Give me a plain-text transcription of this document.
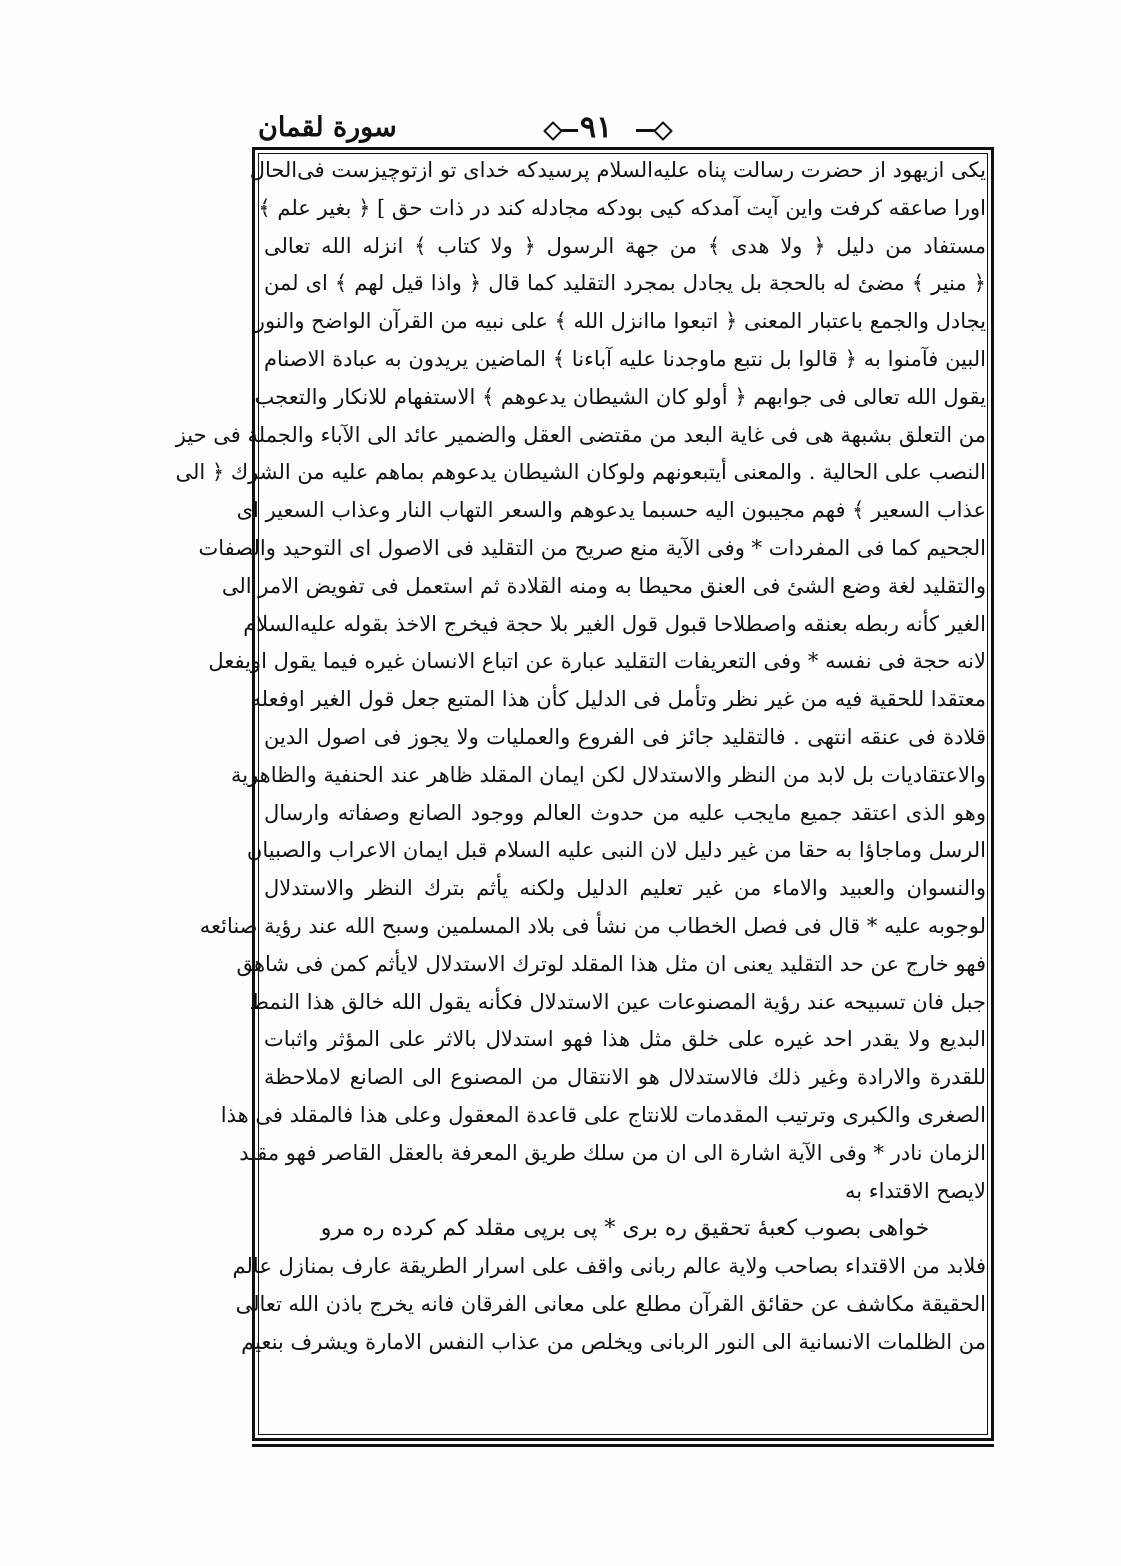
سورة لقمان	٩١
يكى ازيهود از حضرت رسالت پناه عليه‌السلام پرسيدكه خداى تو ازتوچيزست فى‌الحال
اورا صاعقه كرفت واين آيت آمدكه كيى بودكه مجادله كند در ذات حق ] ﴿ بغير علم ﴾
مستفاد من دليل ﴿ ولا هدى ﴾ من جهة الرسول ﴿ ولا كتاب ﴾ انزله الله تعالى
﴿ منير ﴾ مضئ له بالحجة بل يجادل بمجرد التقليد كما قال ﴿ واذا قيل لهم ﴾ اى لمن
يجادل والجمع باعتبار المعنى ﴿ اتبعوا ماانزل الله ﴾ على نبيه من القرآن الواضح والنور
البين فآمنوا به ﴿ قالوا بل نتبع ماوجدنا عليه آباءنا ﴾ الماضين يريدون به عبادة الاصنام
يقول الله تعالى فى جوابهم ﴿ أولو كان الشيطان يدعوهم ﴾ الاستفهام للانكار والتعجب
من التعلق بشبهة هى فى غاية البعد من مقتضى العقل والضمير عائد الى الآباء والجملة فى حيز
النصب على الحالية . والمعنى أيتبعونهم ولوكان الشيطان يدعوهم بماهم عليه من الشرك ﴿ الى
عذاب السعير ﴾ فهم مجيبون اليه حسبما يدعوهم والسعر التهاب النار وعذاب السعير اى
الجحيم كما فى المفردات * وفى الآية منع صريح من التقليد فى الاصول اى التوحيد والصفات
والتقليد لغة وضع الشئ فى العنق محيطا به ومنه القلادة ثم استعمل فى تفويض الامر الى
الغير كأنه ربطه بعنقه واصطلاحا قبول قول الغير بلا حجة فيخرج الاخذ بقوله عليه‌السلام
لانه حجة فى نفسه * وفى التعريفات التقليد عبارة عن اتباع الانسان غيره فيما يقول اويفعل
معتقدا للحقية فيه من غير نظر وتأمل فى الدليل كأن هذا المتبع جعل قول الغير اوفعله
قلادة فى عنقه انتهى . فالتقليد جائز فى الفروع والعمليات ولا يجوز فى اصول الدين
والاعتقاديات بل لابد من النظر والاستدلال لكن ايمان المقلد ظاهر عند الحنفية والظاهرية
وهو الذى اعتقد جميع مايجب عليه من حدوث العالم ووجود الصانع وصفاته وارسال
الرسل وماجاؤا به حقا من غير دليل لان النبى عليه السلام قبل ايمان الاعراب والصبيان
والنسوان والعبيد والاماء من غير تعليم الدليل ولكنه يأثم بترك النظر والاستدلال
لوجوبه عليه * قال فى فصل الخطاب من نشأ فى بلاد المسلمين وسبح الله عند رؤية صنائعه
فهو خارج عن حد التقليد يعنى ان مثل هذا المقلد لوترك الاستدلال لايأثم كمن فى شاهق
جبل فان تسبيحه عند رؤية المصنوعات عين الاستدلال فكأنه يقول الله خالق هذا النمط
البديع ولا يقدر احد غيره على خلق مثل هذا فهو استدلال بالاثر على المؤثر واثبات
للقدرة والارادة وغير ذلك فالاستدلال هو الانتقال من المصنوع الى الصانع لاملاحظة
الصغرى والكبرى وترتيب المقدمات للانتاج على قاعدة المعقول وعلى هذا فالمقلد فى هذا
الزمان نادر * وفى الآية اشارة الى ان من سلك طريق المعرفة بالعقل القاصر فهو مقلد
لايصح الاقتداء به
خواهى بصوب كعبهٔ تحقيق ره برى * پى برپى مقلد كم كرده ره مرو
فلابد من الاقتداء بصاحب ولاية عالم ربانى واقف على اسرار الطريقة عارف بمنازل عالم
الحقيقة مكاشف عن حقائق القرآن مطلع على معانى الفرقان فانه يخرج باذن الله تعالى
من الظلمات الانسانية الى النور الربانى ويخلص من عذاب النفس الامارة ويشرف بنعيم
